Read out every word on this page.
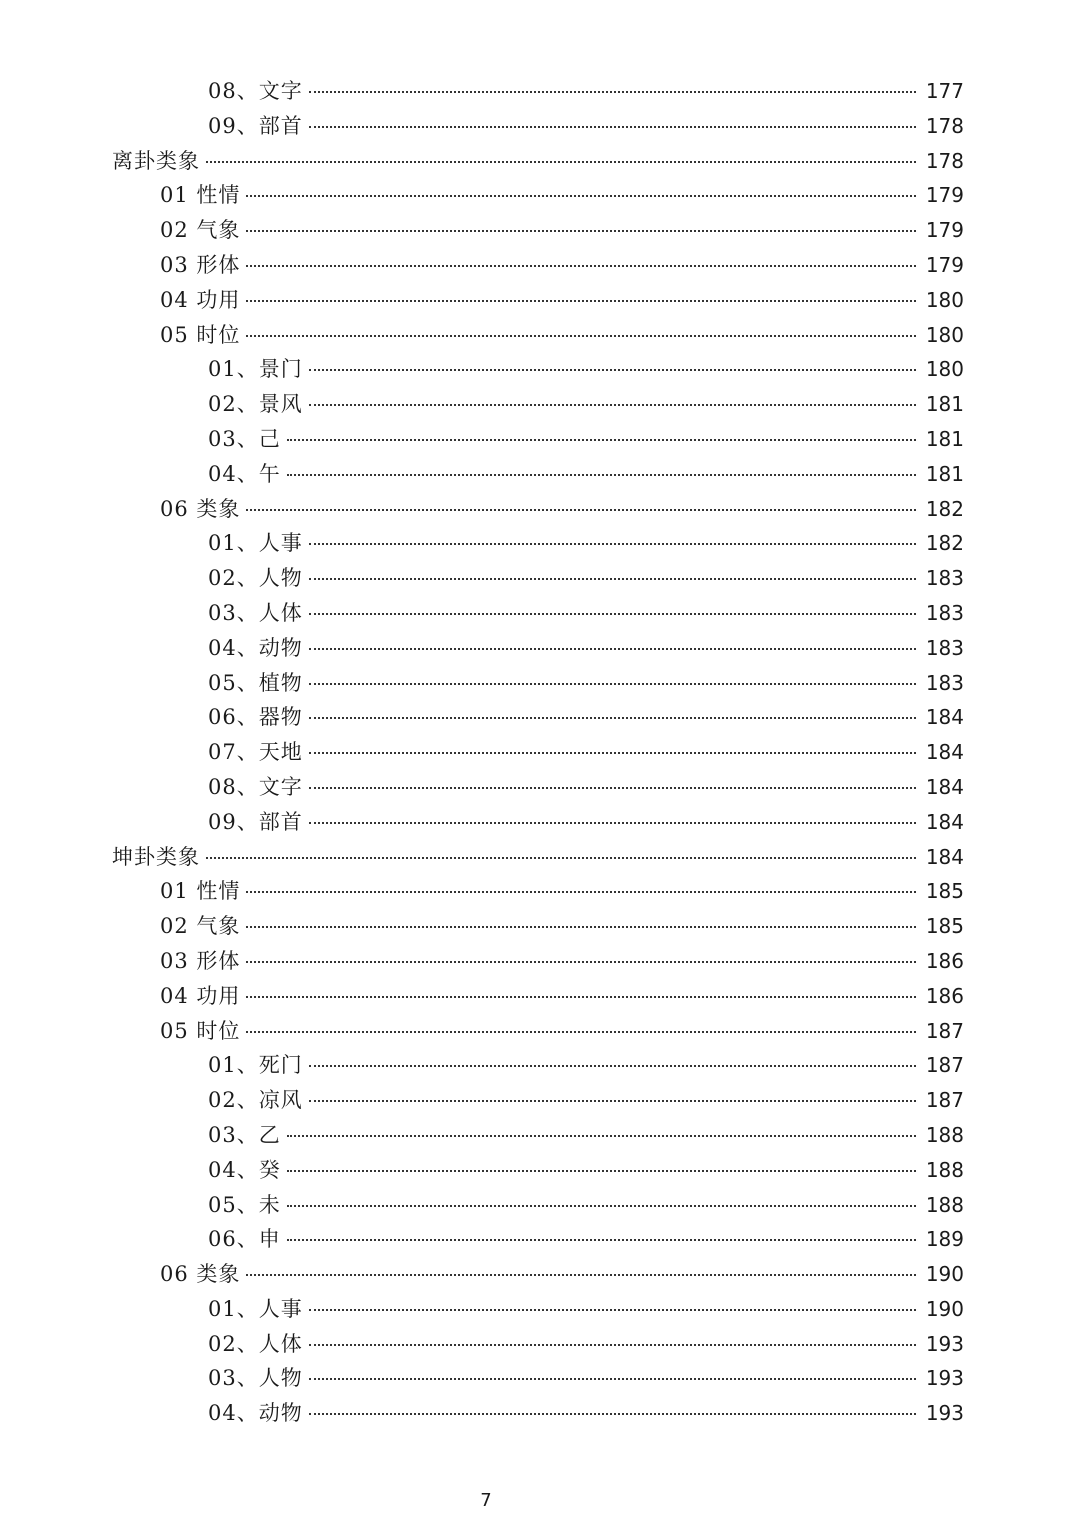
08、文字	177
09、部首	178
离卦类象	178
01 性情	179
02 气象	179
03 形体	179
04 功用	180
05 时位	180
01、景门	180
02、景风	181
03、己	181
04、午	181
06 类象	182
01、人事	182
02、人物	183
03、人体	183
04、动物	183
05、植物	183
06、器物	184
07、天地	184
08、文字	184
09、部首	184
坤卦类象	184
01 性情	185
02 气象	185
03 形体	186
04 功用	186
05 时位	187
01、死门	187
02、凉风	187
03、乙	188
04、癸	188
05、未	188
06、申	189
06 类象	190
01、人事	190
02、人体	193
03、人物	193
04、动物	193
7
